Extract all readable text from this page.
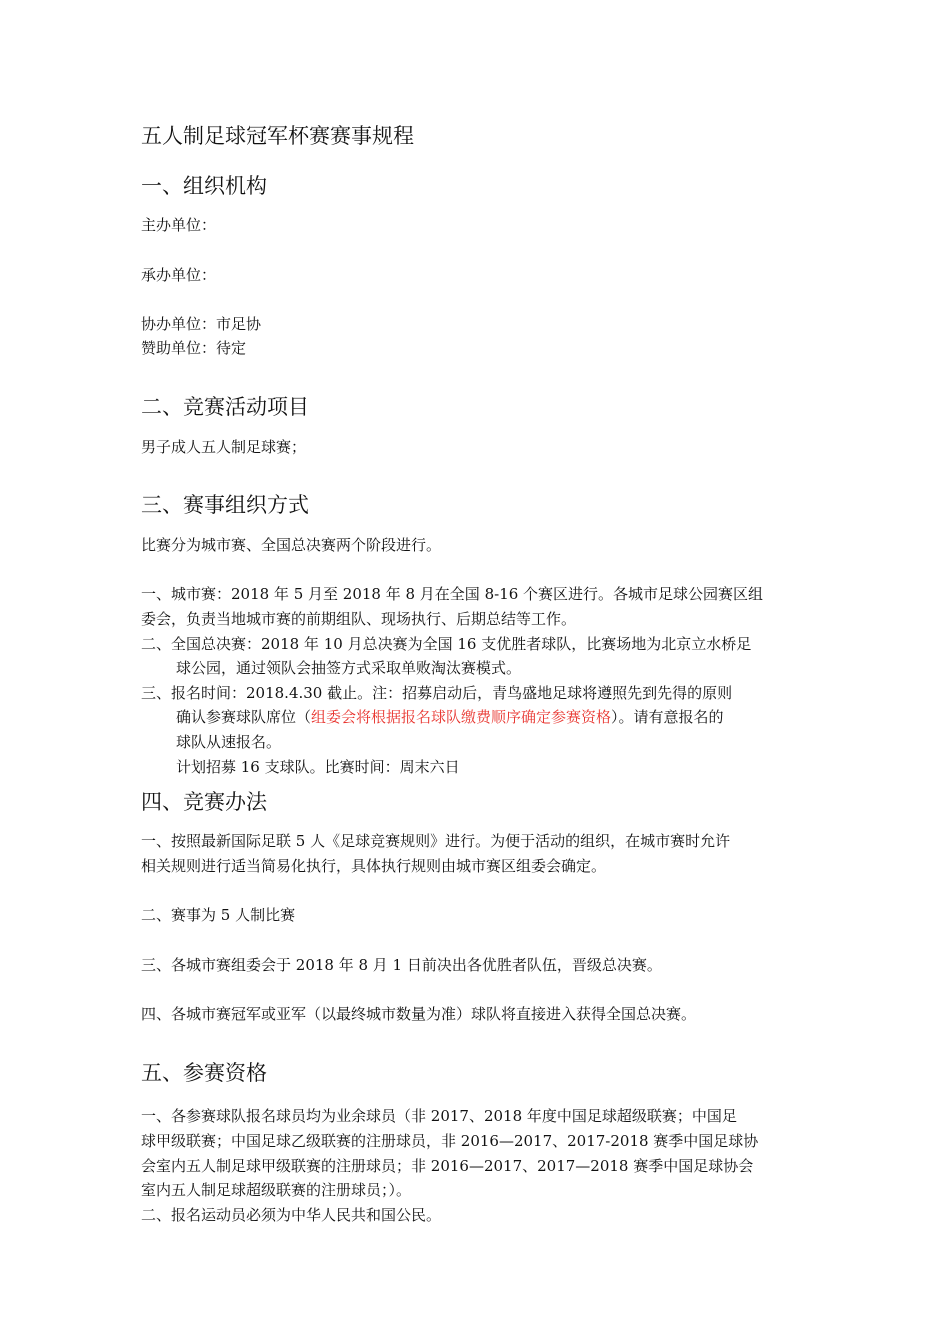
五人制足球冠军杯赛赛事规程

一、组织机构

主办单位：

承办单位：

协办单位：市足协

赞助单位：待定

二、竞赛活动项目

男子成人五人制足球赛；

三、赛事组织方式

比赛分为城市赛、全国总决赛两个阶段进行。

一、城市赛：2018 年 5 月至 2018 年 8 月在全国 8-16 个赛区进行。各城市足球公园赛区组

委会，负责当地城市赛的前期组队、现场执行、后期总结等工作。

二、全国总决赛：2018 年 10 月总决赛为全国 16 支优胜者球队，比赛场地为北京立水桥足

球公园，通过领队会抽签方式采取单败淘汰赛模式。

三、报名时间：2018.4.30 截止。注：招募启动后，青鸟盛地足球将遵照先到先得的原则

确认参赛球队席位（组委会将根据报名球队缴费顺序确定参赛资格）。请有意报名的

球队从速报名。

计划招募 16 支球队。比赛时间：周末六日

四、竞赛办法

一、按照最新国际足联 5 人《足球竞赛规则》进行。为便于活动的组织，在城市赛时允许

相关规则进行适当简易化执行，具体执行规则由城市赛区组委会确定。

二、赛事为 5 人制比赛

三、各城市赛组委会于 2018 年 8 月 1 日前决出各优胜者队伍，晋级总决赛。

四、各城市赛冠军或亚军（以最终城市数量为准）球队将直接进入获得全国总决赛。

五、参赛资格

一、各参赛球队报名球员均为业余球员（非 2017、2018 年度中国足球超级联赛；中国足

球甲级联赛；中国足球乙级联赛的注册球员，非 2016—2017、2017-2018 赛季中国足球协

会室内五人制足球甲级联赛的注册球员；非 2016—2017、2017—2018 赛季中国足球协会

室内五人制足球超级联赛的注册球员；）。

二、报名运动员必须为中华人民共和国公民。
